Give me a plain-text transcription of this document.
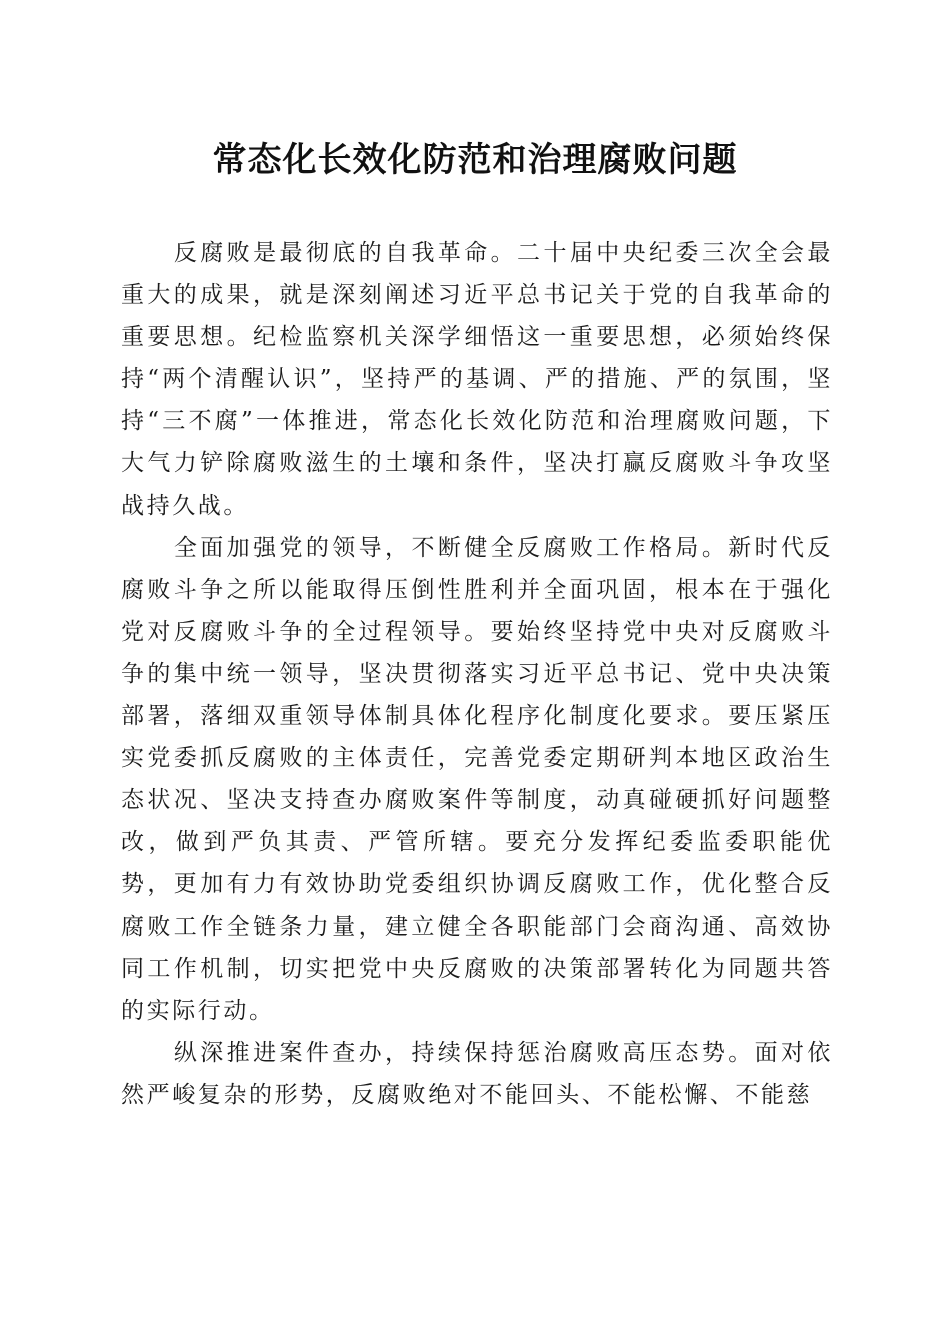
常态化长效化防范和治理腐败问题

反腐败是最彻底的自我革命。二十届中央纪委三次全会最重大的成果，就是深刻阐述习近平总书记关于党的自我革命的重要思想。纪检监察机关深学细悟这一重要思想，必须始终保持“两个清醒认识”，坚持严的基调、严的措施、严的氛围，坚持“三不腐”一体推进，常态化长效化防范和治理腐败问题，下大气力铲除腐败滋生的土壤和条件，坚决打赢反腐败斗争攻坚战持久战。

全面加强党的领导，不断健全反腐败工作格局。新时代反腐败斗争之所以能取得压倒性胜利并全面巩固，根本在于强化党对反腐败斗争的全过程领导。要始终坚持党中央对反腐败斗争的集中统一领导，坚决贯彻落实习近平总书记、党中央决策部署，落细双重领导体制具体化程序化制度化要求。要压紧压实党委抓反腐败的主体责任，完善党委定期研判本地区政治生态状况、坚决支持查办腐败案件等制度，动真碰硬抓好问题整改，做到严负其责、严管所辖。要充分发挥纪委监委职能优势，更加有力有效协助党委组织协调反腐败工作，优化整合反腐败工作全链条力量，建立健全各职能部门会商沟通、高效协同工作机制，切实把党中央反腐败的决策部署转化为同题共答的实际行动。

纵深推进案件查办，持续保持惩治腐败高压态势。面对依然严峻复杂的形势，反腐败绝对不能回头、不能松懈、不能慈
